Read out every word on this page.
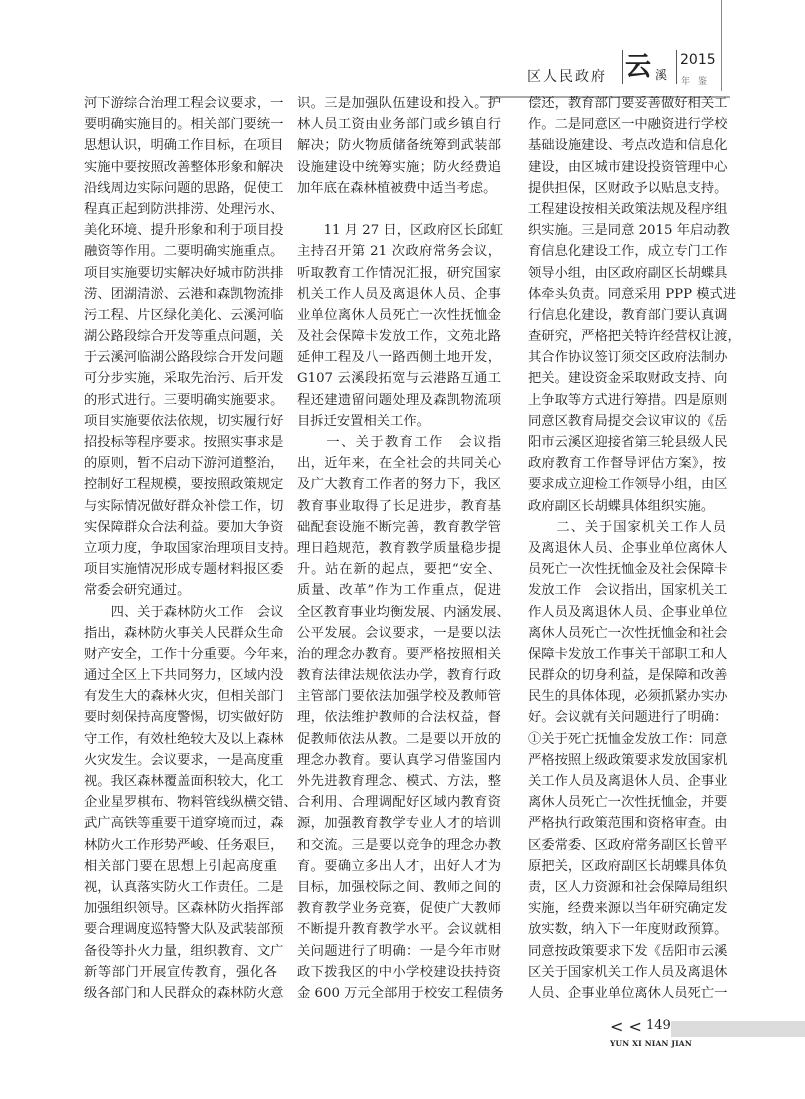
区人民政府 云 溪
2015
年鉴
河下游综合治理工程会议要求，一
要明确实施目的。相关部门要统一
思想认识，明确工作目标，在项目
实施中要按照改善整体形象和解决
沿线周边实际问题的思路，促使工
程真正起到防洪排涝、处理污水、
美化环境、提升形象和利于项目投
融资等作用。二要明确实施重点。
项目实施要切实解决好城市防洪排
涝、团湖清淤、云港和森凯物流排
污工程、片区绿化美化、云溪河临
湖公路段综合开发等重点问题，关
于云溪河临湖公路段综合开发问题
可分步实施，采取先治污、后开发
的形式进行。三要明确实施要求。
项目实施要依法依规，切实履行好
招投标等程序要求。按照实事求是
的原则，暂不启动下游河道整治，
控制好工程规模，要按照政策规定
与实际情况做好群众补偿工作，切
实保障群众合法利益。要加大争资
立项力度，争取国家治理项目支持。
项目实施情况形成专题材料报区委
常委会研究通过。
　　四、关于森林防火工作　会议
指出，森林防火事关人民群众生命
财产安全，工作十分重要。今年来，
通过全区上下共同努力，区域内没
有发生大的森林火灾，但相关部门
要时刻保持高度警惕，切实做好防
守工作，有效杜绝较大及以上森林
火灾发生。会议要求，一是高度重
视。我区森林覆盖面积较大，化工
企业星罗棋布、物料管线纵横交错、
武广高铁等重要干道穿境而过，森
林防火工作形势严峻、任务艰巨，
相关部门要在思想上引起高度重
视，认真落实防火工作责任。二是
加强组织领导。区森林防火指挥部
要合理调度巡特警大队及武装部预
备役等扑火力量，组织教育、文广
新等部门开展宣传教育，强化各
级各部门和人民群众的森林防火意
识。三是加强队伍建设和投入。护
林人员工资由业务部门或乡镇自行
解决；防火物质储备统筹到武装部
设施建设中统筹实施；防火经费追
加年底在森林植被费中适当考虑。
　　11 月 27 日，区政府区长邱虹
主持召开第 21 次政府常务会议，
听取教育工作情况汇报，研究国家
机关工作人员及离退休人员、企事
业单位离休人员死亡一次性抚恤金
及社会保障卡发放工作，文苑北路
延伸工程及八一路西侧土地开发，
G107 云溪段拓宽与云港路互通工
程还建遗留问题处理及森凯物流项
目拆迁安置相关工作。
　　一、关于教育工作　会议指
出，近年来，在全社会的共同关心
及广大教育工作者的努力下，我区
教育事业取得了长足进步，教育基
础配套设施不断完善，教育教学管
理日趋规范，教育教学质量稳步提
升。站在新的起点，要把“安全、
质量、改革”作为工作重点，促进
全区教育事业均衡发展、内涵发展、
公平发展。会议要求，一是要以法
治的理念办教育。要严格按照相关
教育法律法规依法办学，教育行政
主管部门要依法加强学校及教师管
理，依法维护教师的合法权益，督
促教师依法从教。二是要以开放的
理念办教育。要认真学习借鉴国内
外先进教育理念、模式、方法，整
合利用、合理调配好区域内教育资
源，加强教育教学专业人才的培训
和交流。三是要以竞争的理念办教
育。要确立多出人才，出好人才为
目标，加强校际之间、教师之间的
教育教学业务竞赛，促使广大教师
不断提升教育教学水平。会议就相
关问题进行了明确：一是今年市财
政下拨我区的中小学校建设扶持资
金 600 万元全部用于校安工程债务
偿还，教育部门要妥善做好相关工
作。二是同意区一中融资进行学校
基础设施建设、考点改造和信息化
建设，由区城市建设投资管理中心
提供担保，区财政予以贴息支持。
工程建设按相关政策法规及程序组
织实施。三是同意 2015 年启动教
育信息化建设工作，成立专门工作
领导小组，由区政府副区长胡蝶具
体牵头负责。同意采用 PPP 模式进
行信息化建设，教育部门要认真调
查研究，严格把关特许经营权让渡，
其合作协议签订须交区政府法制办
把关。建设资金采取财政支持、向
上争取等方式进行筹措。四是原则
同意区教育局提交会议审议的《岳
阳市云溪区迎接省第三轮县级人民
政府教育工作督导评估方案》，按
要求成立迎检工作领导小组，由区
政府副区长胡蝶具体组织实施。
　　二、关于国家机关工作人员
及离退休人员、企事业单位离休人
员死亡一次性抚恤金及社会保障卡
发放工作　会议指出，国家机关工
作人员及离退休人员、企事业单位
离休人员死亡一次性抚恤金和社会
保障卡发放工作事关干部职工和人
民群众的切身利益，是保障和改善
民生的具体体现，必须抓紧办实办
好。会议就有关问题进行了明确：
①关于死亡抚恤金发放工作：同意
严格按照上级政策要求发放国家机
关工作人员及离退休人员、企事业
离休人员死亡一次性抚恤金，并要
严格执行政策范围和资格审查。由
区委常委、区政府常务副区长曾平
原把关，区政府副区长胡蝶具体负
责，区人力资源和社会保障局组织
实施，经费来源以当年研究确定发
放实数，纳入下一年度财政预算。
同意按政策要求下发《岳阳市云溪
区关于国家机关工作人员及离退休
人员、企事业单位离休人员死亡一
< < 149
YUN XI NIAN JIAN
